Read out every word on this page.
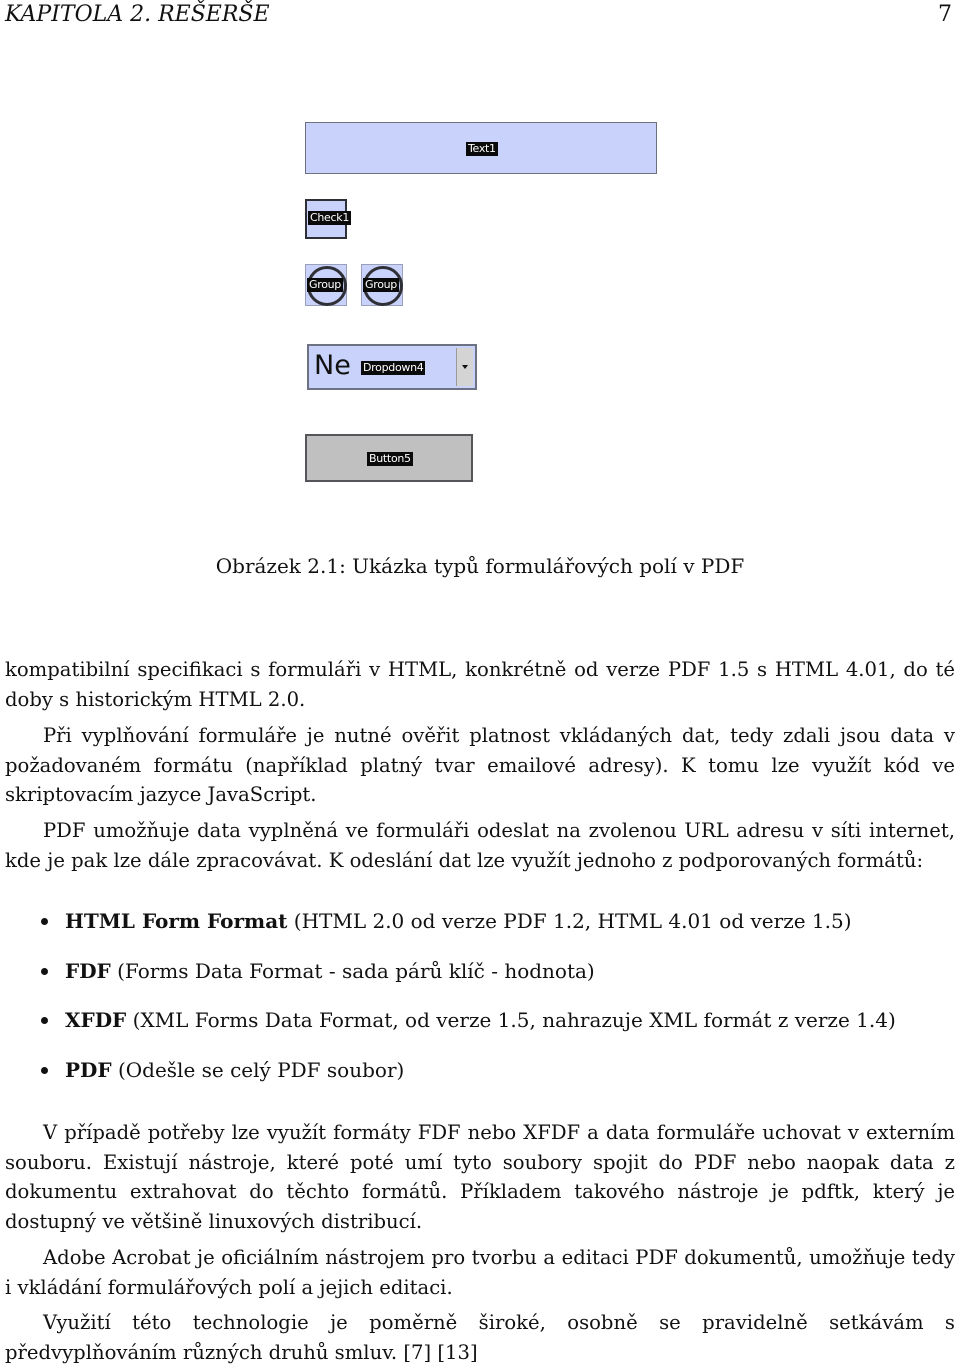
KAPITOLA 2. REŠERŠE	7
Text1
Check1
Group Group
Ne Dropdown4
Button5
Obrázek 2.1: Ukázka typů formulářových polí v PDF

kompatibilní specifikaci s formuláři v HTML, konkrétně od verze PDF 1.5 s HTML 4.01, do té doby s historickým HTML 2.0.

Při vyplňování formuláře je nutné ověřit platnost vkládaných dat, tedy zdali jsou data v požadovaném formátu (například platný tvar emailové adresy). K tomu lze využít kód ve skriptovacím jazyce JavaScript.

PDF umožňuje data vyplněná ve formuláři odeslat na zvolenou URL adresu v síti internet, kde je pak lze dále zpracovávat. K odeslání dat lze využít jednoho z podporovaných formátů:

HTML Form Format (HTML 2.0 od verze PDF 1.2, HTML 4.01 od verze 1.5)
FDF (Forms Data Format - sada párů klíč - hodnota)
XFDF (XML Forms Data Format, od verze 1.5, nahrazuje XML formát z verze 1.4)
PDF (Odešle se celý PDF soubor)

V případě potřeby lze využít formáty FDF nebo XFDF a data formuláře uchovat v externím souboru. Existují nástroje, které poté umí tyto soubory spojit do PDF nebo naopak data z dokumentu extrahovat do těchto formátů. Příkladem takového nástroje je pdftk, který je dostupný ve většině linuxových distribucí.

Adobe Acrobat je oficiálním nástrojem pro tvorbu a editaci PDF dokumentů, umožňuje tedy i vkládání formulářových polí a jejich editaci.

Využití této technologie je poměrně široké, osobně se pravidelně setkávám s předvyplňováním různých druhů smluv. [7] [13]
